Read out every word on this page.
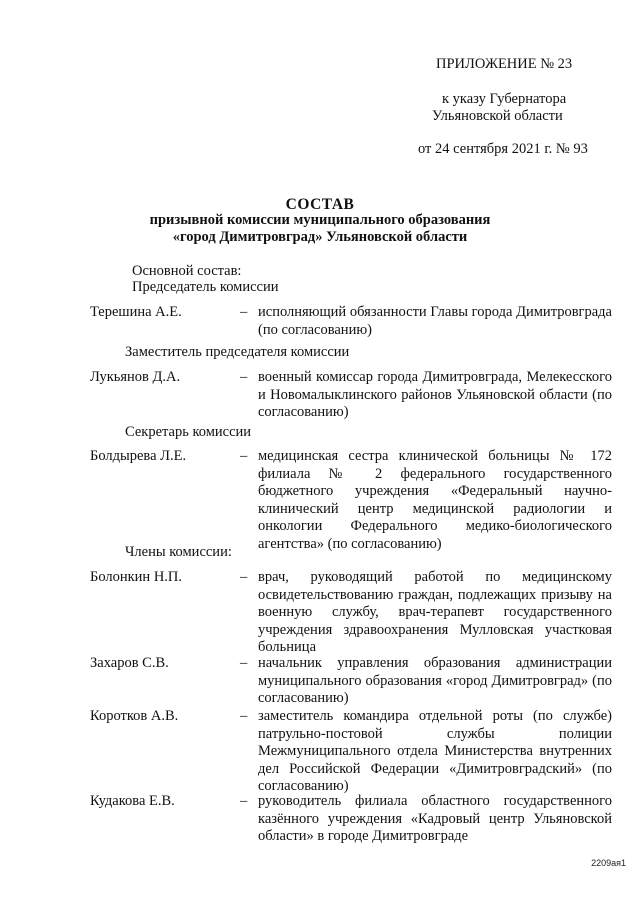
ПРИЛОЖЕНИЕ № 23
к указу Губернатора
Ульяновской области
от 24 сентября 2021 г. № 93
СОСТАВ
призывной комиссии муниципального образования
«город Димитровград» Ульяновской области
Основной состав:
Председатель комиссии
Терешина А.Е.	– исполняющий обязанности Главы города Димитровграда (по согласованию)
Заместитель председателя комиссии
Лукьянов Д.А.	– военный комиссар города Димитровграда, Мелекесского и Новомалыклинского районов Ульяновской области (по согласованию)
Секретарь комиссии
Болдырева Л.Е.	– медицинская сестра клинической больницы № 172 филиала № 2 федерального государственного бюджетного учреждения «Федеральный научно-клинический центр медицинской радиологии и онкологии Федерального медико-биологического агентства» (по согласованию)
Члены комиссии:
Болонкин Н.П.	– врач, руководящий работой по медицинскому освидетельствованию граждан, подлежащих призыву на военную службу, врач-терапевт государственного учреждения здравоохранения Мулловская участковая больница
Захаров С.В.	– начальник управления образования администрации муниципального образования «город Димитровград» (по согласованию)
Коротков А.В.	– заместитель командира отдельной роты (по службе) патрульно-постовой службы полиции Межмуниципального отдела Министерства внутренних дел Российской Федерации «Димитровградский» (по согласованию)
Кудакова Е.В.	– руководитель филиала областного государственного казённого учреждения «Кадровый центр Ульяновской области» в городе Димитровграде
2209ая1
